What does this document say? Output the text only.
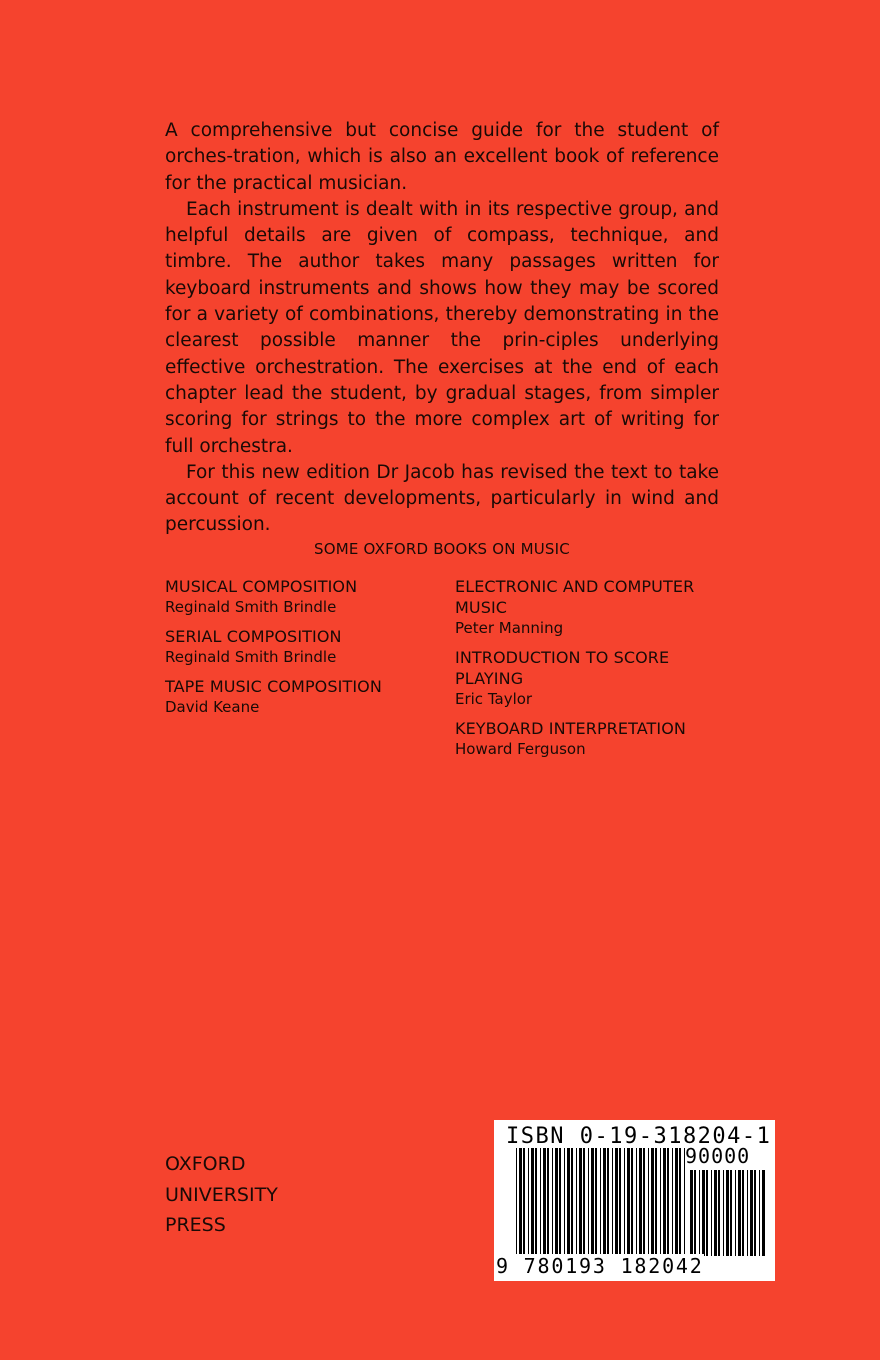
A comprehensive but concise guide for the student of orches-tration, which is also an excellent book of reference for the practical musician.

Each instrument is dealt with in its respective group, and helpful details are given of compass, technique, and timbre. The author takes many passages written for keyboard instruments and shows how they may be scored for a variety of combinations, thereby demonstrating in the clearest possible manner the prin-ciples underlying effective orchestration. The exercises at the end of each chapter lead the student, by gradual stages, from simpler scoring for strings to the more complex art of writing for full orchestra.

For this new edition Dr Jacob has revised the text to take account of recent developments, particularly in wind and percussion.

SOME OXFORD BOOKS ON MUSIC
MUSICAL COMPOSITION
Reginald Smith Brindle
SERIAL COMPOSITION
Reginald Smith Brindle
TAPE MUSIC COMPOSITION
David Keane
ELECTRONIC AND COMPUTER MUSIC
Peter Manning
INTRODUCTION TO SCORE PLAYING
Eric Taylor
KEYBOARD INTERPRETATION
Howard Ferguson
OXFORD
UNIVERSITY
PRESS
ISBN 0-19-318204-1
90000
9 780193 182042
